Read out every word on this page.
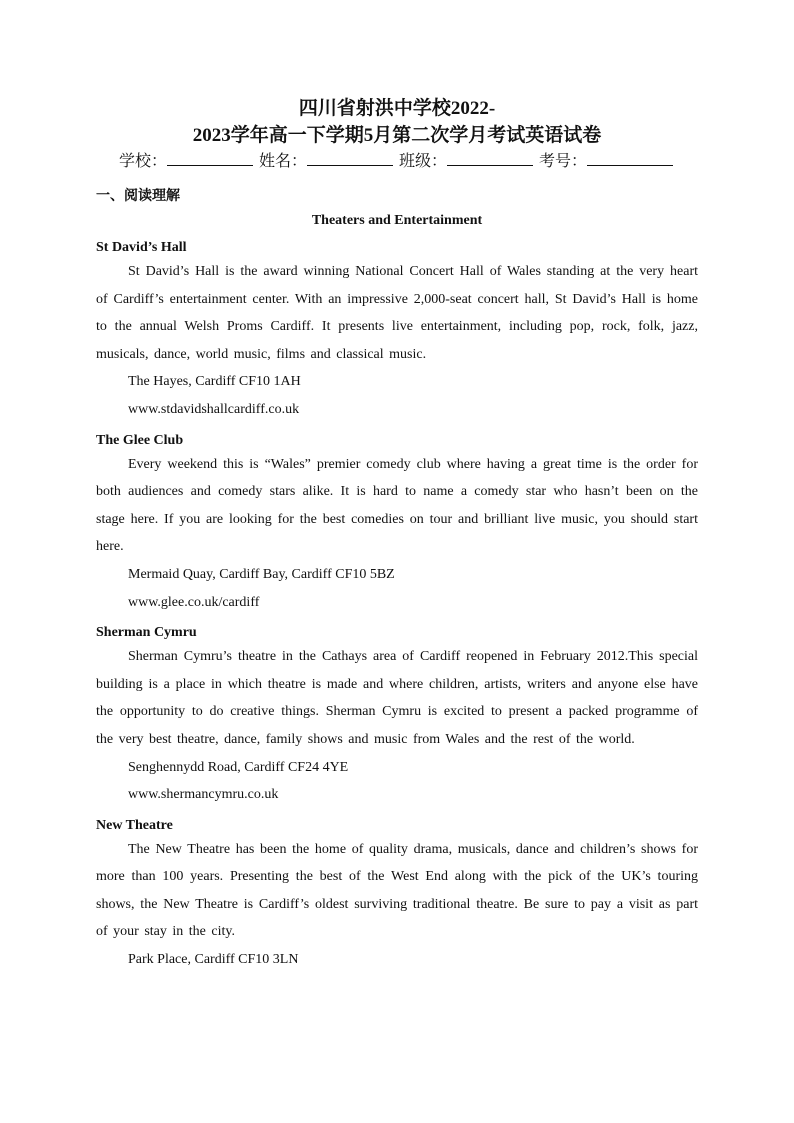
四川省射洪中学校2022-
2023学年高一下学期5月第二次学月考试英语试卷
学校：	姓名：	班级：	考号：
一、阅读理解
Theaters and Entertainment
St David’s Hall

St David’s Hall is the award winning National Concert Hall of Wales standing at the very heart of Cardiff’s entertainment center. With an impressive 2,000-seat concert hall, St David’s Hall is home to the annual Welsh Proms Cardiff. It presents live entertainment, including pop, rock, folk, jazz, musicals, dance, world music, films and classical music.

The Hayes, Cardiff CF10 1AH

www.stdavidshallcardiff.co.uk

The Glee Club

Every weekend this is “Wales” premier comedy club where having a great time is the order for both audiences and comedy stars alike. It is hard to name a comedy star who hasn’t been on the stage here. If you are looking for the best comedies on tour and brilliant live music, you should start here.

Mermaid Quay, Cardiff Bay, Cardiff CF10 5BZ

www.glee.co.uk/cardiff

Sherman Cymru

Sherman Cymru’s theatre in the Cathays area of Cardiff reopened in February 2012.This special building is a place in which theatre is made and where children, artists, writers and anyone else have the opportunity to do creative things. Sherman Cymru is excited to present a packed programme of the very best theatre, dance, family shows and music from Wales and the rest of the world.

Senghennydd Road, Cardiff CF24 4YE

www.shermancymru.co.uk

New Theatre

The New Theatre has been the home of quality drama, musicals, dance and children’s shows for more than 100 years. Presenting the best of the West End along with the pick of the UK’s touring shows, the New Theatre is Cardiff’s oldest surviving traditional theatre. Be sure to pay a visit as part of your stay in the city.

Park Place, Cardiff CF10 3LN
